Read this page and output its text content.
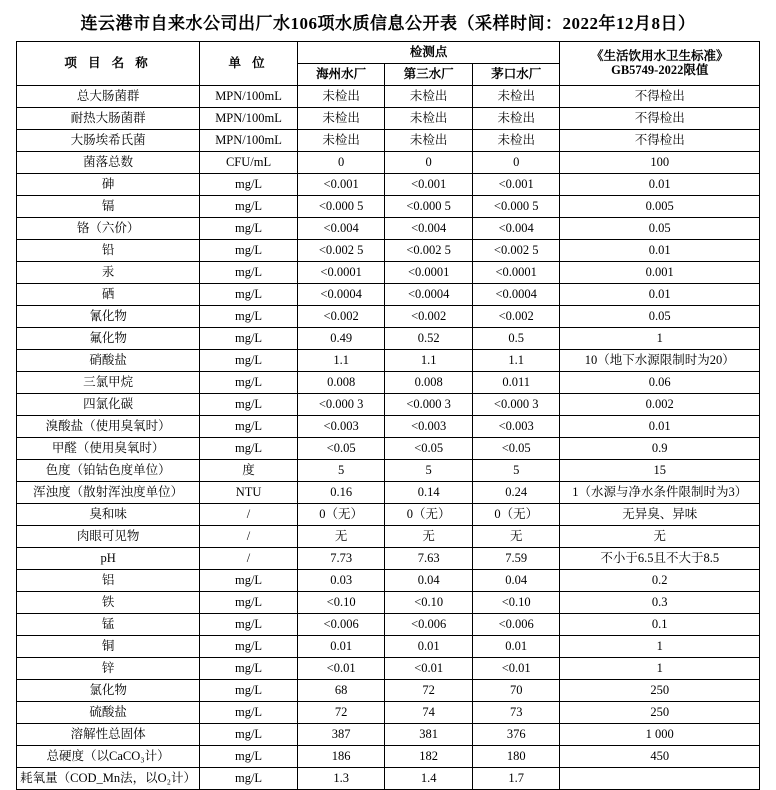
连云港市自来水公司出厂水106项水质信息公开表（采样时间：2022年12月8日）
项 目 名 称	单 位	检测点			《生活饮用水卫生标准》
GB5749-2022限值

		海州水厂	第三水厂	茅口水厂	
总大肠菌群	MPN/100mL	未检出	未检出	未检出	不得检出
耐热大肠菌群	MPN/100mL	未检出	未检出	未检出	不得检出
大肠埃希氏菌	MPN/100mL	未检出	未检出	未检出	不得检出
菌落总数	CFU/mL	0	0	0	100
砷	mg/L	<0.001	<0.001	<0.001	0.01
镉	mg/L	<0.000 5	<0.000 5	<0.000 5	0.005
铬（六价）	mg/L	<0.004	<0.004	<0.004	0.05
铅	mg/L	<0.002 5	<0.002 5	<0.002 5	0.01
汞	mg/L	<0.0001	<0.0001	<0.0001	0.001
硒	mg/L	<0.0004	<0.0004	<0.0004	0.01
氰化物	mg/L	<0.002	<0.002	<0.002	0.05
氟化物	mg/L	0.49	0.52	0.5	1
硝酸盐	mg/L	1.1	1.1	1.1	10（地下水源限制时为20）
三氯甲烷	mg/L	0.008	0.008	0.011	0.06
四氯化碳	mg/L	<0.000 3	<0.000 3	<0.000 3	0.002
溴酸盐（使用臭氧时）	mg/L	<0.003	<0.003	<0.003	0.01
甲醛（使用臭氧时）	mg/L	<0.05	<0.05	<0.05	0.9
色度（铂钴色度单位）	度	5	5	5	15
浑浊度（散射浑浊度单位）	NTU	0.16	0.14	0.24	1（水源与净水条件限制时为3）
臭和味	/	0（无）	0（无）	0（无）	无异臭、异味
肉眼可见物	/	无	无	无	无
pH	/	7.73	7.63	7.59	不小于6.5且不大于8.5
铝	mg/L	0.03	0.04	0.04	0.2
铁	mg/L	<0.10	<0.10	<0.10	0.3
锰	mg/L	<0.006	<0.006	<0.006	0.1
铜	mg/L	0.01	0.01	0.01	1
锌	mg/L	<0.01	<0.01	<0.01	1
氯化物	mg/L	68	72	70	250
硫酸盐	mg/L	72	74	73	250
溶解性总固体	mg/L	387	381	376	1 000
总硬度（以CaCO₃计）	mg/L	186	182	180	450
耗氧量（COD_Mn法，以O₂计）	mg/L	1.3	1.4	1.7	
